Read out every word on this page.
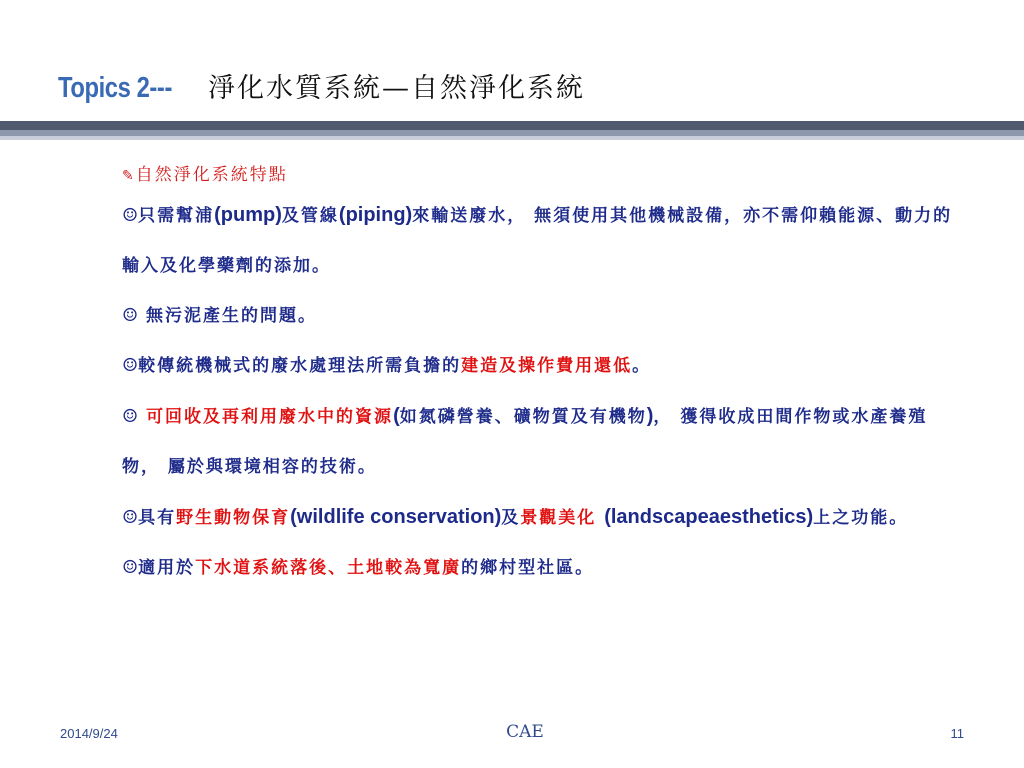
Topics 2---	淨化水質系統—自然淨化系統
✎ 自然淨化系統特點
☺只需幫浦(pump)及管線(piping)來輸送廢水， 無須使用其他機械設備，亦不需仰賴能源、動力的輸入及化學藥劑的添加。
☺ 無污泥產生的問題。
☺較傳統機械式的廢水處理法所需負擔的建造及操作費用還低。
☺ 可回收及再利用廢水中的資源(如氮磷營養、礦物質及有機物)， 獲得收成田間作物或水產養殖物， 屬於與環境相容的技術。
☺具有野生動物保育(wildlife conservation)及景觀美化 (landscapeaesthetics)上之功能。
☺適用於下水道系統落後、土地較為寬廣的鄉村型社區。
2014/9/24	CAE	11
